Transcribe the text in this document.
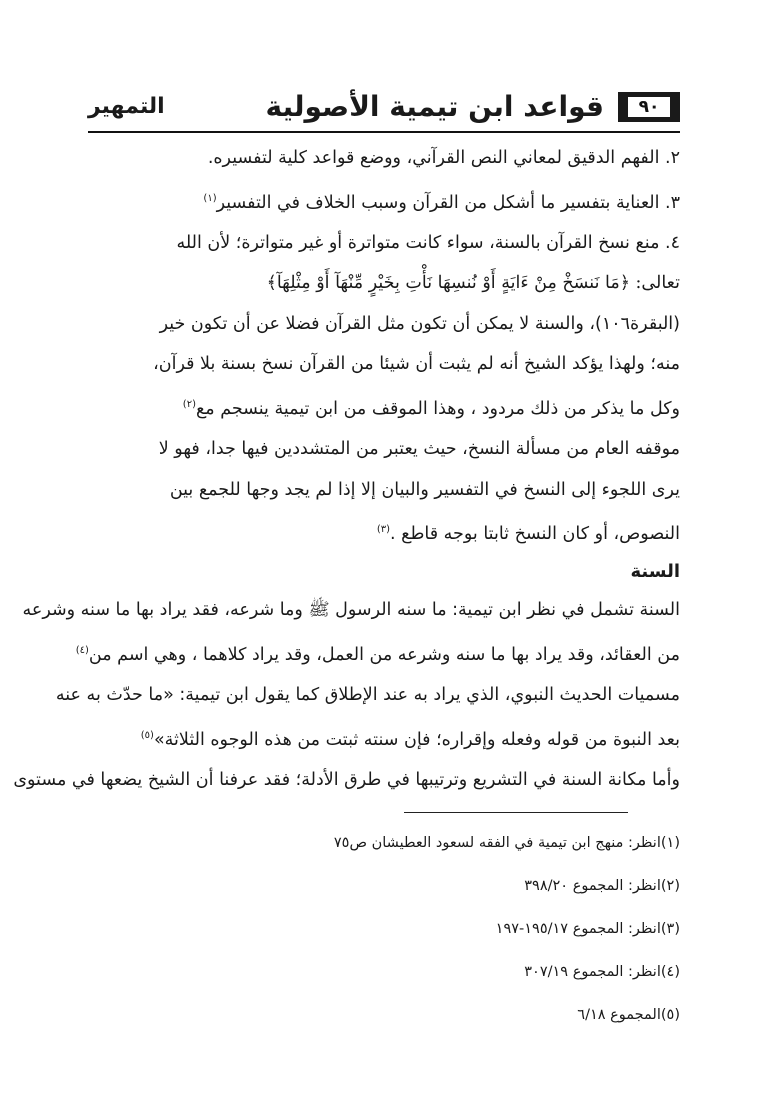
٩٠
قواعد ابن تيمية الأصولية
التمهير
٢. الفهم الدقيق لمعاني النص القرآني، ووضع قواعد كلية لتفسيره.
٣. العناية بتفسير ما أشكل من القرآن وسبب الخلاف في التفسير$^{(١)}$
٤. منع نسخ القرآن بالسنة، سواء كانت متواترة أو غير متواترة؛ لأن الله
تعالى: ﴿مَا نَنسَخْ مِنْ ءَايَةٍ أَوْ نُنسِهَا نَأْتِ بِخَيْرٍ مِّنْهَآ أَوْ مِثْلِهَآ﴾
(البقرة١٠٦)، والسنة لا يمكن أن تكون مثل القرآن فضلا عن أن تكون خير
منه؛ ولهذا يؤكد الشيخ أنه لم يثبت أن شيئا من القرآن نسخ بسنة بلا قرآن،
وكل ما يذكر من ذلك مردود ، وهذا الموقف من ابن تيمية ينسجم مع$^{(٢)}$
موقفه العام من مسألة النسخ، حيث يعتبر من المتشددين فيها جدا، فهو لا
يرى اللجوء إلى النسخ في التفسير والبيان إلا إذا لم يجد وجها للجمع بين
النصوص، أو كان النسخ ثابتا بوجه قاطع .$^{(٣)}$
السنة
السنة تشمل في نظر ابن تيمية: ما سنه الرسول ﷺ وما شرعه، فقد يراد بها ما سنه وشرعه
من العقائد، وقد يراد بها ما سنه وشرعه من العمل، وقد يراد كلاهما ، وهي اسم من$^{(٤)}$
مسميات الحديث النبوي، الذي يراد به عند الإطلاق كما يقول ابن تيمية: «ما حدّث به عنه
بعد النبوة من قوله وفعله وإقراره؛ فإن سنته ثبتت من هذه الوجوه الثلاثة»$^{(٥)}$
وأما مكانة السنة في التشريع وترتيبها في طرق الأدلة؛ فقد عرفنا أن الشيخ يضعها في مستوى
(١)انظر: منهج ابن تيمية في الفقه لسعود العطيشان ص٧٥
(٢)انظر: المجموع ٣٩٨/٢٠
(٣)انظر: المجموع ١٩٥/١٧-١٩٧
(٤)انظر: المجموع ٣٠٧/١٩
(٥)المجموع ٦/١٨
